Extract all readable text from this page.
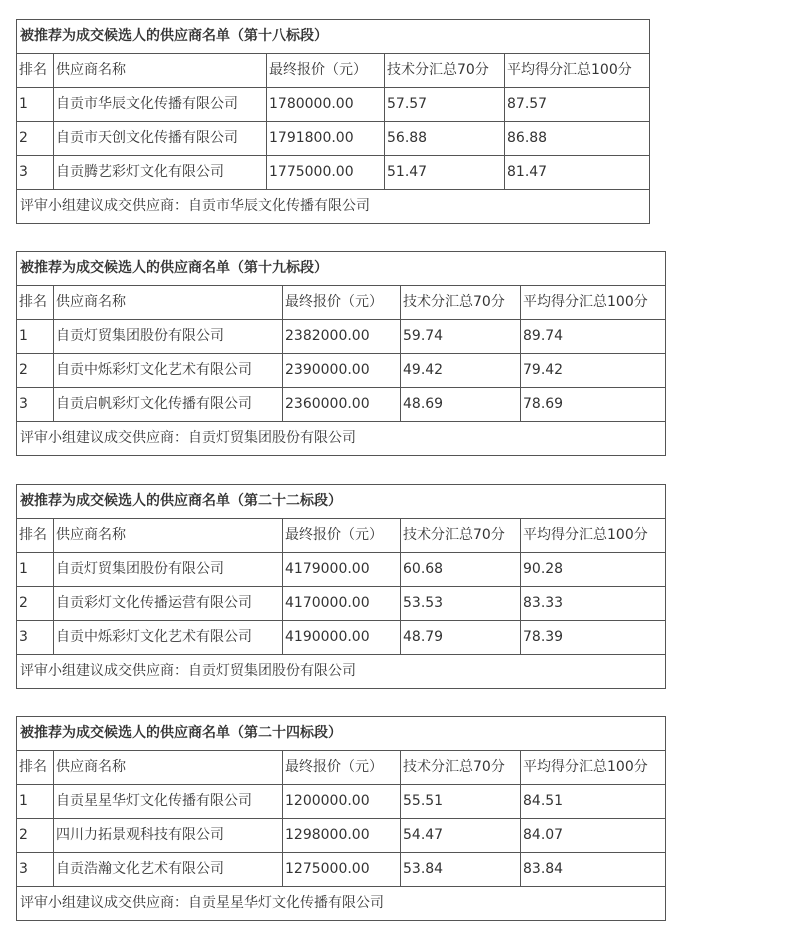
被推荐为成交候选人的供应商名单（第十八标段）				
排名	供应商名称	最终报价（元）	技术分汇总70分	平均得分汇总100分
1	自贡市华辰文化传播有限公司	1780000.00	57.57	87.57
2	自贡市天创文化传播有限公司	1791800.00	56.88	86.88
3	自贡腾艺彩灯文化有限公司	1775000.00	51.47	81.47
评审小组建议成交供应商：自贡市华辰文化传播有限公司				
被推荐为成交候选人的供应商名单（第十九标段）				
排名	供应商名称	最终报价（元）	技术分汇总70分	平均得分汇总100分
1	自贡灯贸集团股份有限公司	2382000.00	59.74	89.74
2	自贡中烁彩灯文化艺术有限公司	2390000.00	49.42	79.42
3	自贡启帆彩灯文化传播有限公司	2360000.00	48.69	78.69
评审小组建议成交供应商：自贡灯贸集团股份有限公司				
被推荐为成交候选人的供应商名单（第二十二标段）				
排名	供应商名称	最终报价（元）	技术分汇总70分	平均得分汇总100分
1	自贡灯贸集团股份有限公司	4179000.00	60.68	90.28
2	自贡彩灯文化传播运营有限公司	4170000.00	53.53	83.33
3	自贡中烁彩灯文化艺术有限公司	4190000.00	48.79	78.39
评审小组建议成交供应商：自贡灯贸集团股份有限公司				
被推荐为成交候选人的供应商名单（第二十四标段）				
排名	供应商名称	最终报价（元）	技术分汇总70分	平均得分汇总100分
1	自贡星星华灯文化传播有限公司	1200000.00	55.51	84.51
2	四川力拓景观科技有限公司	1298000.00	54.47	84.07
3	自贡浩瀚文化艺术有限公司	1275000.00	53.84	83.84
评审小组建议成交供应商：自贡星星华灯文化传播有限公司				
